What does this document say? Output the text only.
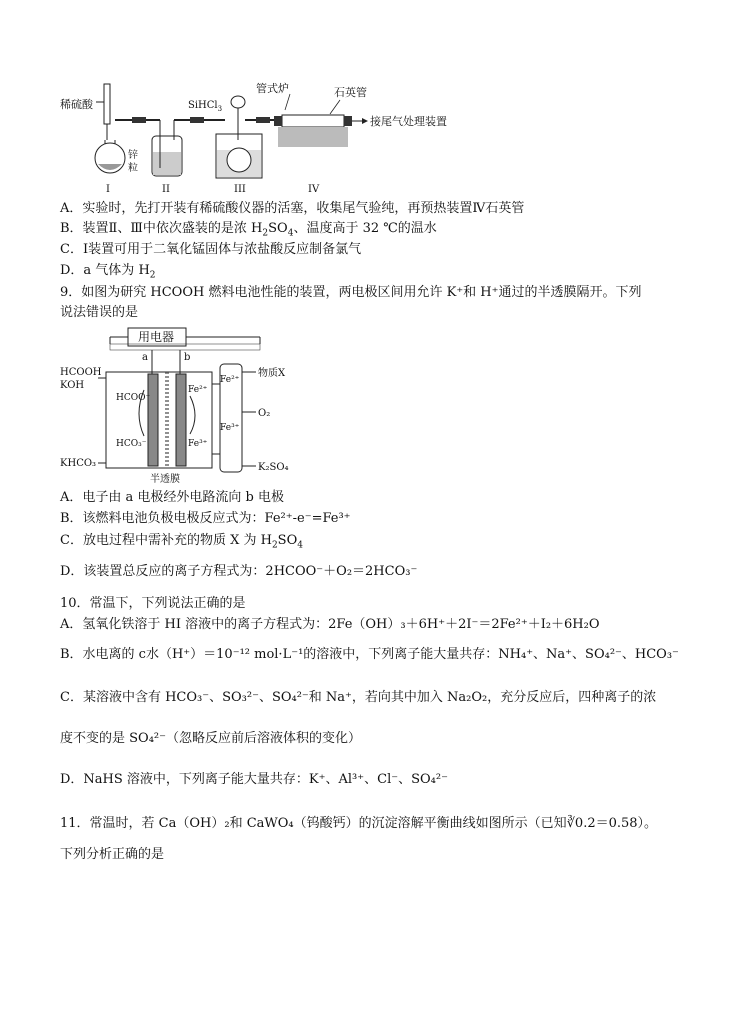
稀硫酸
锌
粒
SiHCl$_3$
管式炉	石英管
接尾气处理装置
I	II	III	IV
A．实验时，先打开装有稀硫酸仪器的活塞，收集尾气验纯，再预热装置Ⅳ石英管
B．装置Ⅱ、Ⅲ中依次盛装的是浓 $H_2SO_4$、温度高于 32 ℃的温水
C．Ⅰ装置可用于二氧化锰固体与浓盐酸反应制备氯气
D．a 气体为 $H_2$
9．如图为研究 HCOOH 燃料电池性能的装置，两电极区间用允许 K⁺和 H⁺通过的半透膜隔开。下列
说法错误的是
用电器
a	b
HCOOH
KOH
HCOO⁻
HCO₃⁻
Fe²⁺
Fe³⁺
KHCO₃
Fe²⁺
Fe³⁺
物质X
O₂
K₂SO₄
半透膜
A．电子由 a 电极经外电路流向 b 电极
B．该燃料电池负极电极反应式为：Fe²⁺-e⁻=Fe³⁺
C．放电过程中需补充的物质 X 为 $H_2SO_4$
D．该装置总反应的离子方程式为：2HCOO⁻＋O₂＝2HCO₃⁻
10．常温下，下列说法正确的是
A．氢氧化铁溶于 HI 溶液中的离子方程式为：2Fe（OH）₃＋6H⁺＋2I⁻＝2Fe²⁺＋I₂＋6H₂O
B．水电离的 c水（H⁺）＝10⁻¹² mol·L⁻¹的溶液中，下列离子能大量共存：NH₄⁺、Na⁺、SO₄²⁻、HCO₃⁻
C．某溶液中含有 HCO₃⁻、SO₃²⁻、SO₄²⁻和 Na⁺，若向其中加入 Na₂O₂，充分反应后，四种离子的浓
度不变的是 SO₄²⁻（忽略反应前后溶液体积的变化）
D．NaHS 溶液中，下列离子能大量共存：K⁺、Al³⁺、Cl⁻、SO₄²⁻
11．常温时，若 Ca（OH）₂和 CaWO₄（钨酸钙）的沉淀溶解平衡曲线如图所示（已知∛0.2＝0.58）。
下列分析正确的是
